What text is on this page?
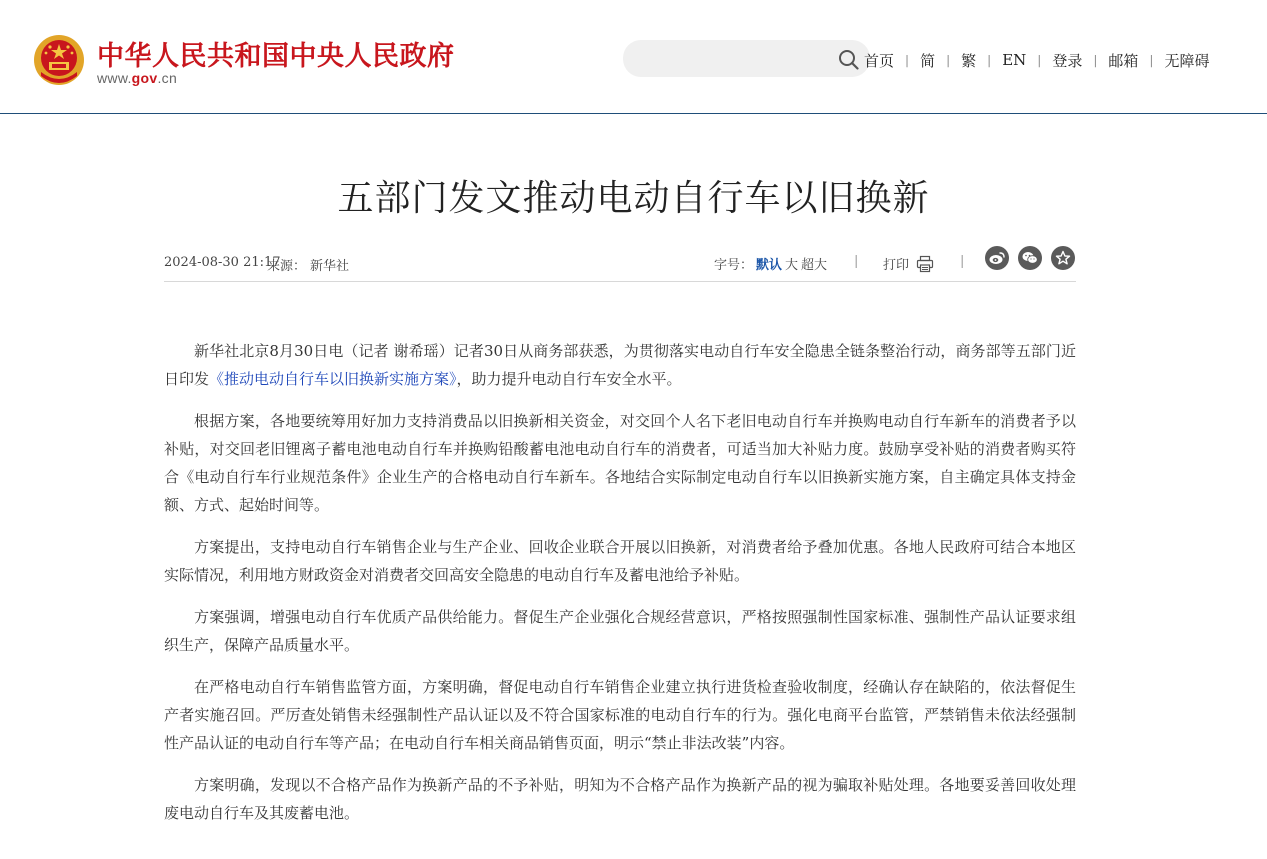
中华人民共和国中央人民政府
www.gov.cn
首页 | 简 | 繁 | EN | 登录 | 邮箱 | 无障碍
五部门发文推动电动自行车以旧换新
2024-08-30 21:17
来源： 新华社	字号： 默认 大 超大 | 打印	|

新华社北京8月30日电（记者 谢希瑶）记者30日从商务部获悉，为贯彻落实电动自行车安全隐患全链条整治行动，商务部等五部门近日印发《推动电动自行车以旧换新实施方案》，助力提升电动自行车安全水平。

根据方案，各地要统筹用好加力支持消费品以旧换新相关资金，对交回个人名下老旧电动自行车并换购电动自行车新车的消费者予以补贴，对交回老旧锂离子蓄电池电动自行车并换购铅酸蓄电池电动自行车的消费者，可适当加大补贴力度。鼓励享受补贴的消费者购买符合《电动自行车行业规范条件》企业生产的合格电动自行车新车。各地结合实际制定电动自行车以旧换新实施方案，自主确定具体支持金额、方式、起始时间等。

方案提出，支持电动自行车销售企业与生产企业、回收企业联合开展以旧换新，对消费者给予叠加优惠。各地人民政府可结合本地区实际情况，利用地方财政资金对消费者交回高安全隐患的电动自行车及蓄电池给予补贴。

方案强调，增强电动自行车优质产品供给能力。督促生产企业强化合规经营意识，严格按照强制性国家标准、强制性产品认证要求组织生产，保障产品质量水平。

在严格电动自行车销售监管方面，方案明确，督促电动自行车销售企业建立执行进货检查验收制度，经确认存在缺陷的，依法督促生产者实施召回。严厉查处销售未经强制性产品认证以及不符合国家标准的电动自行车的行为。强化电商平台监管，严禁销售未依法经强制性产品认证的电动自行车等产品；在电动自行车相关商品销售页面，明示“禁止非法改装”内容。

方案明确，发现以不合格产品作为换新产品的不予补贴，明知为不合格产品作为换新产品的视为骗取补贴处理。各地要妥善回收处理废电动自行车及其废蓄电池。
